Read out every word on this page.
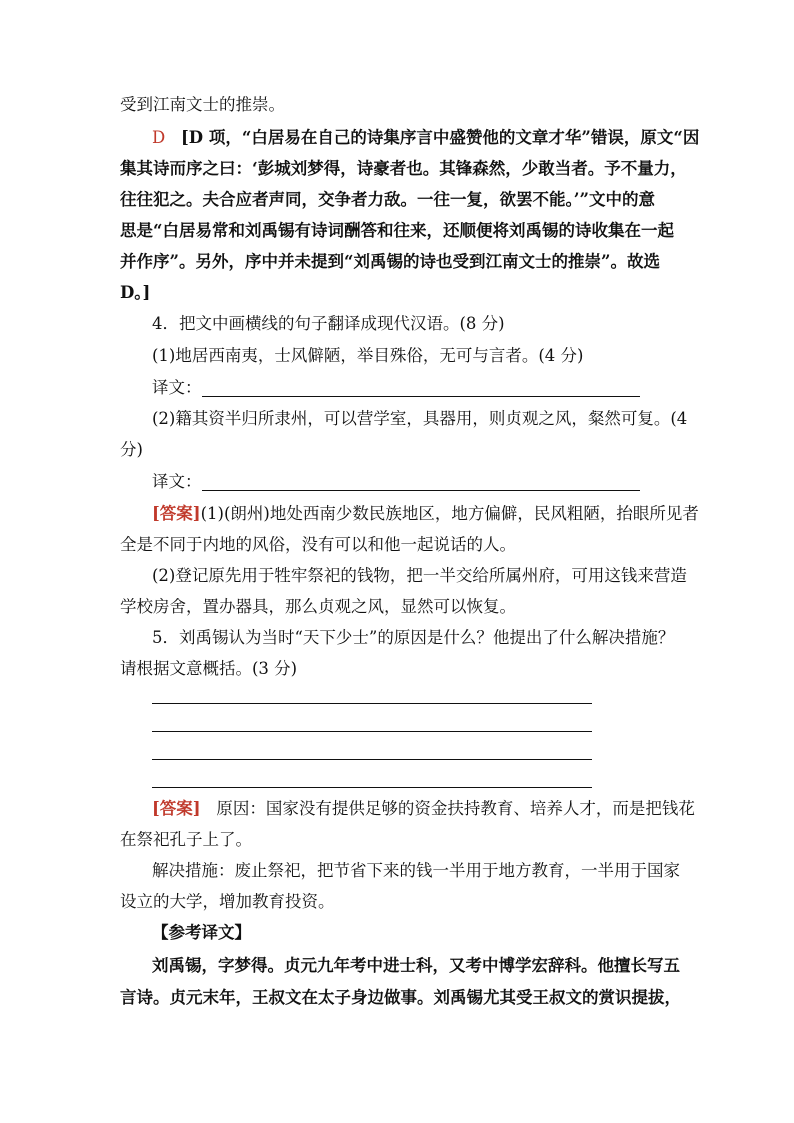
受到江南文士的推崇。
D [D 项，“白居易在自己的诗集序言中盛赞他的文章才华”错误，原文“因
集其诗而序之曰：‘彭城刘梦得，诗豪者也。其锋森然，少敢当者。予不量力，
往往犯之。夫合应者声同，交争者力敌。一往一复，欲罢不能。’”文中的意
思是“白居易常和刘禹锡有诗词酬答和往来，还顺便将刘禹锡的诗收集在一起
并作序”。另外，序中并未提到“刘禹锡的诗也受到江南文士的推崇”。故选
D。]
4．把文中画横线的句子翻译成现代汉语。(8 分)
(1)地居西南夷，士风僻陋，举目殊俗，无可与言者。(4 分)
译文：
(2)籍其资半归所隶州，可以营学室，具器用，则贞观之风，粲然可复。(4
分)
译文：
[答案](1)(朗州)地处西南少数民族地区，地方偏僻，民风粗陋，抬眼所见者
全是不同于内地的风俗，没有可以和他一起说话的人。
(2)登记原先用于牲牢祭祀的钱物，把一半交给所属州府，可用这钱来营造
学校房舍，置办器具，那么贞观之风，显然可以恢复。
5．刘禹锡认为当时“天下少士”的原因是什么？他提出了什么解决措施？
请根据文意概括。(3 分)
[答案] 原因：国家没有提供足够的资金扶持教育、培养人才，而是把钱花
在祭祀孔子上了。
解决措施：废止祭祀，把节省下来的钱一半用于地方教育，一半用于国家
设立的大学，增加教育投资。
【参考译文】
刘禹锡，字梦得。贞元九年考中进士科，又考中博学宏辞科。他擅长写五
言诗。贞元末年，王叔文在太子身边做事。刘禹锡尤其受王叔文的赏识提拔，
